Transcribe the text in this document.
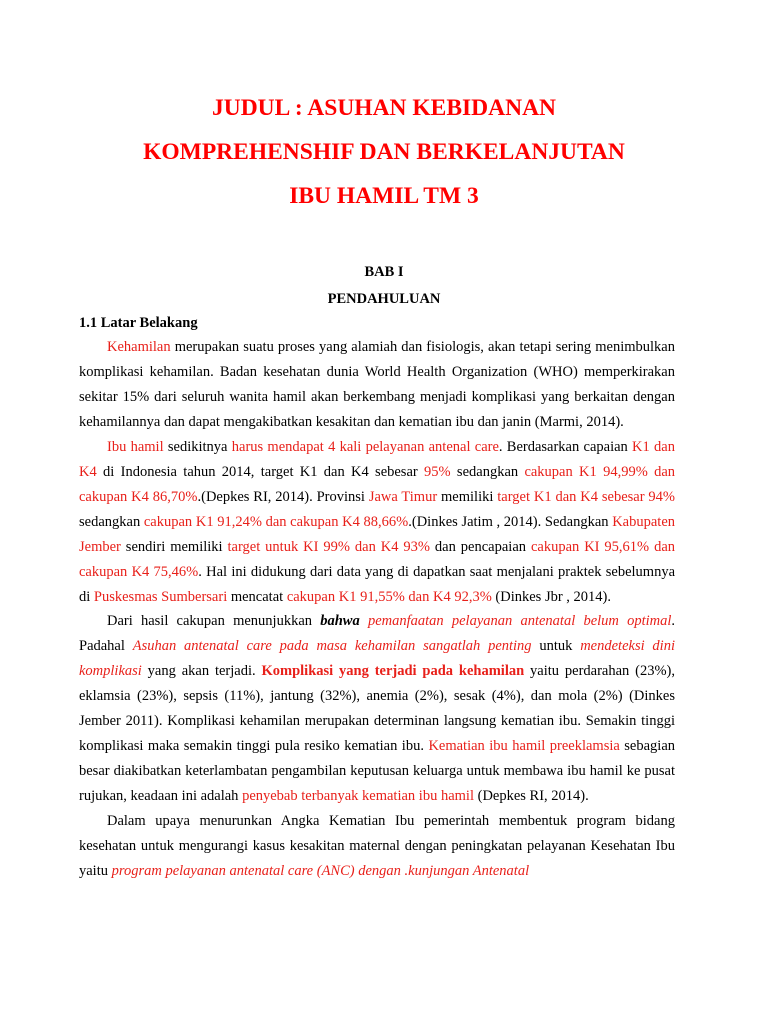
JUDUL : ASUHAN KEBIDANAN

KOMPREHENSHIF DAN BERKELANJUTAN

IBU HAMIL TM 3

BAB I

PENDAHULUAN

1.1 Latar Belakang

Kehamilan merupakan suatu proses yang alamiah dan fisiologis, akan tetapi sering menimbulkan komplikasi kehamilan. Badan kesehatan dunia World Health Organization (WHO) memperkirakan sekitar 15% dari seluruh wanita hamil akan berkembang menjadi komplikasi yang berkaitan dengan kehamilannya dan dapat mengakibatkan kesakitan dan kematian ibu dan janin (Marmi, 2014).

Ibu hamil sedikitnya harus mendapat 4 kali pelayanan antenal care. Berdasarkan capaian K1 dan K4 di Indonesia tahun 2014, target K1 dan K4 sebesar 95% sedangkan cakupan K1 94,99% dan cakupan K4 86,70%.(Depkes RI, 2014). Provinsi Jawa Timur memiliki target K1 dan K4 sebesar 94% sedangkan cakupan K1 91,24% dan cakupan K4 88,66%.(Dinkes Jatim , 2014). Sedangkan Kabupaten Jember sendiri memiliki target untuk KI 99% dan K4 93% dan pencapaian cakupan KI 95,61% dan cakupan K4 75,46%. Hal ini didukung dari data yang di dapatkan saat menjalani praktek sebelumnya di Puskesmas Sumbersari mencatat cakupan K1 91,55% dan K4 92,3% (Dinkes Jbr , 2014).

Dari hasil cakupan menunjukkan bahwa pemanfaatan pelayanan antenatal belum optimal. Padahal Asuhan antenatal care pada masa kehamilan sangatlah penting untuk mendeteksi dini komplikasi yang akan terjadi. Komplikasi yang terjadi pada kehamilan yaitu perdarahan (23%), eklamsia (23%), sepsis (11%), jantung (32%), anemia (2%), sesak (4%), dan mola (2%) (Dinkes Jember 2011). Komplikasi kehamilan merupakan determinan langsung kematian ibu. Semakin tinggi komplikasi maka semakin tinggi pula resiko kematian ibu. Kematian ibu hamil preeklamsia sebagian besar diakibatkan keterlambatan pengambilan keputusan keluarga untuk membawa ibu hamil ke pusat rujukan, keadaan ini adalah penyebab terbanyak kematian ibu hamil (Depkes RI, 2014).

Dalam upaya menurunkan Angka Kematian Ibu pemerintah membentuk program bidang kesehatan untuk mengurangi kasus kesakitan maternal dengan peningkatan pelayanan Kesehatan Ibu yaitu program pelayanan antenatal care (ANC) dengan .kunjungan Antenatal
